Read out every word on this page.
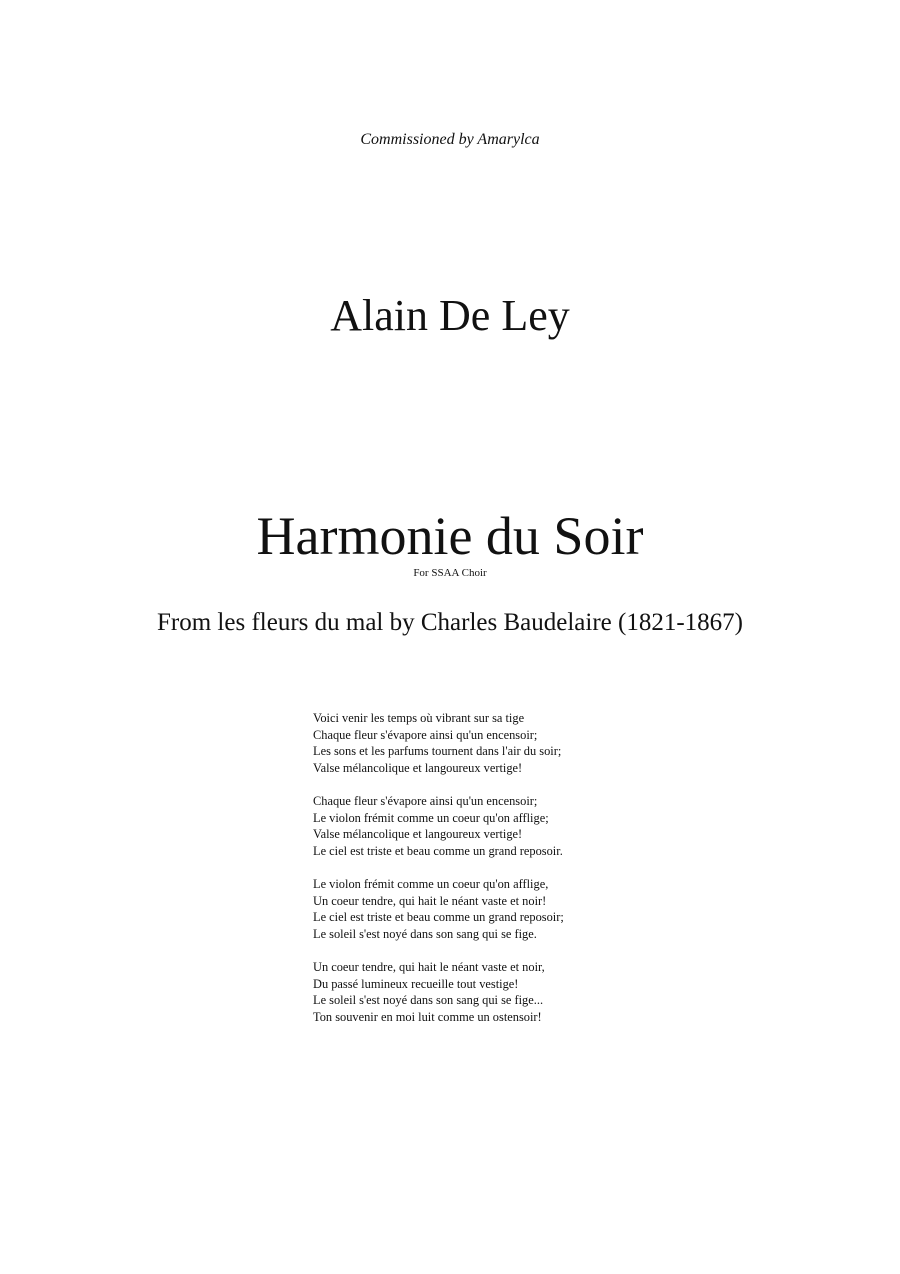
Commissioned by Amarylca
Alain De Ley
Harmonie du Soir
For SSAA Choir
From les fleurs du mal by Charles Baudelaire (1821-1867)
Voici venir les temps où vibrant sur sa tige
Chaque fleur s'évapore ainsi qu'un encensoir;
Les sons et les parfums tournent dans l'air du soir;
Valse mélancolique et langoureux vertige!
Chaque fleur s'évapore ainsi qu'un encensoir;
Le violon frémit comme un coeur qu'on afflige;
Valse mélancolique et langoureux vertige!
Le ciel est triste et beau comme un grand reposoir.
Le violon frémit comme un coeur qu'on afflige,
Un coeur tendre, qui hait le néant vaste et noir!
Le ciel est triste et beau comme un grand reposoir;
Le soleil s'est noyé dans son sang qui se fige.
Un coeur tendre, qui hait le néant vaste et noir,
Du passé lumineux recueille tout vestige!
Le soleil s'est noyé dans son sang qui se fige...
Ton souvenir en moi luit comme un ostensoir!
